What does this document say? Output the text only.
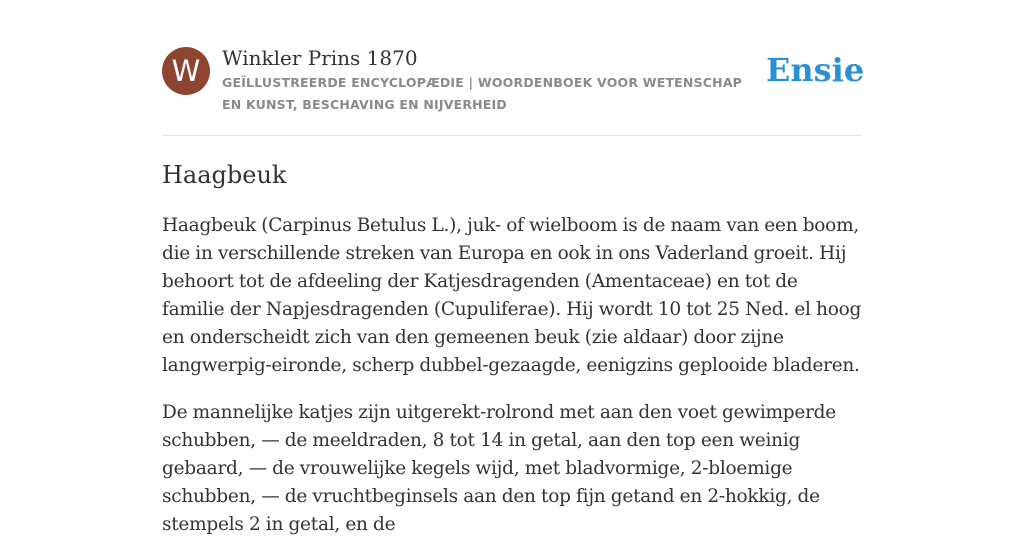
W	Winkler Prins 1870
GEÏLLUSTREERDE ENCYCLOPÆDIE | WOORDENBOEK VOOR WETENSCHAP EN KUNST, BESCHAVING EN NIJVERHEID
Ensie
Haagbeuk

Haagbeuk (Carpinus Betulus L.), juk- of wielboom is de naam van een boom, die in verschillende streken van Europa en ook in ons Vaderland groeit. Hij behoort tot de afdeeling der Katjesdragenden (Amentaceae) en tot de familie der Napjesdragenden (Cupuliferae). Hij wordt 10 tot 25 Ned. el hoog en onderscheidt zich van den gemeenen beuk (zie aldaar) door zijne langwerpig-eironde, scherp dubbel-gezaagde, eenigzins geplooide bladeren.

De mannelijke katjes zijn uitgerekt-rolrond met aan den voet gewimperde schubben, — de meeldraden, 8 tot 14 in getal, aan den top een weinig gebaard, — de vrouwelijke kegels wijd, met bladvormige, 2-bloemige schubben, — de vruchtbeginsels aan den top fijn getand en 2-hokkig, de stempels 2 in getal, en de
